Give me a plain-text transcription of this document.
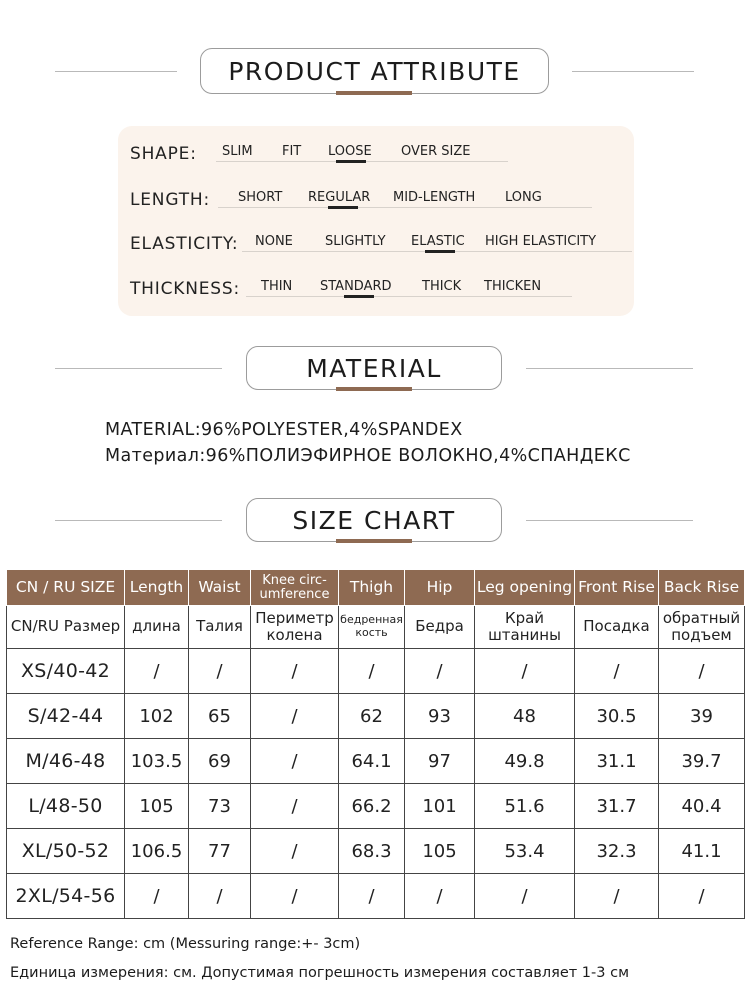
PRODUCT ATTRIBUTE
SHAPE: SLIM FIT LOOSE OVER SIZE
LENGTH: SHORT REGULAR MID-LENGTH LONG
ELASTICITY: NONE SLIGHTLY ELASTIC HIGH ELASTICITY
THICKNESS: THIN STANDARD THICK THICKEN
MATERIAL
MATERIAL:96%POLYESTER,4%SPANDEX
Материал:96%ПОЛИЭФИРНОЕ ВОЛОКНО,4%СПАНДЕКС
SIZE CHART
CN / RU SIZE	Length	Waist	Knee circ- umference	Thigh	Hip	Leg opening	Front Rise	Back Rise
CN/RU Размер	длина	Талия	Периметр колена	бедренная кость	Бедра	Край штанины	Посадка	обратный подъем
XS/40-42	/	/	/	/	/	/	/	/
S/42-44	102	65	/	62	93	48	30.5	39
M/46-48	103.5	69	/	64.1	97	49.8	31.1	39.7
L/48-50	105	73	/	66.2	101	51.6	31.7	40.4
XL/50-52	106.5	77	/	68.3	105	53.4	32.3	41.1
2XL/54-56	/	/	/	/	/	/	/	/
Reference Range: cm (Messuring range:+- 3cm)
Единица измерения: см. Допустимая погрешность измерения составляет 1-3 см
